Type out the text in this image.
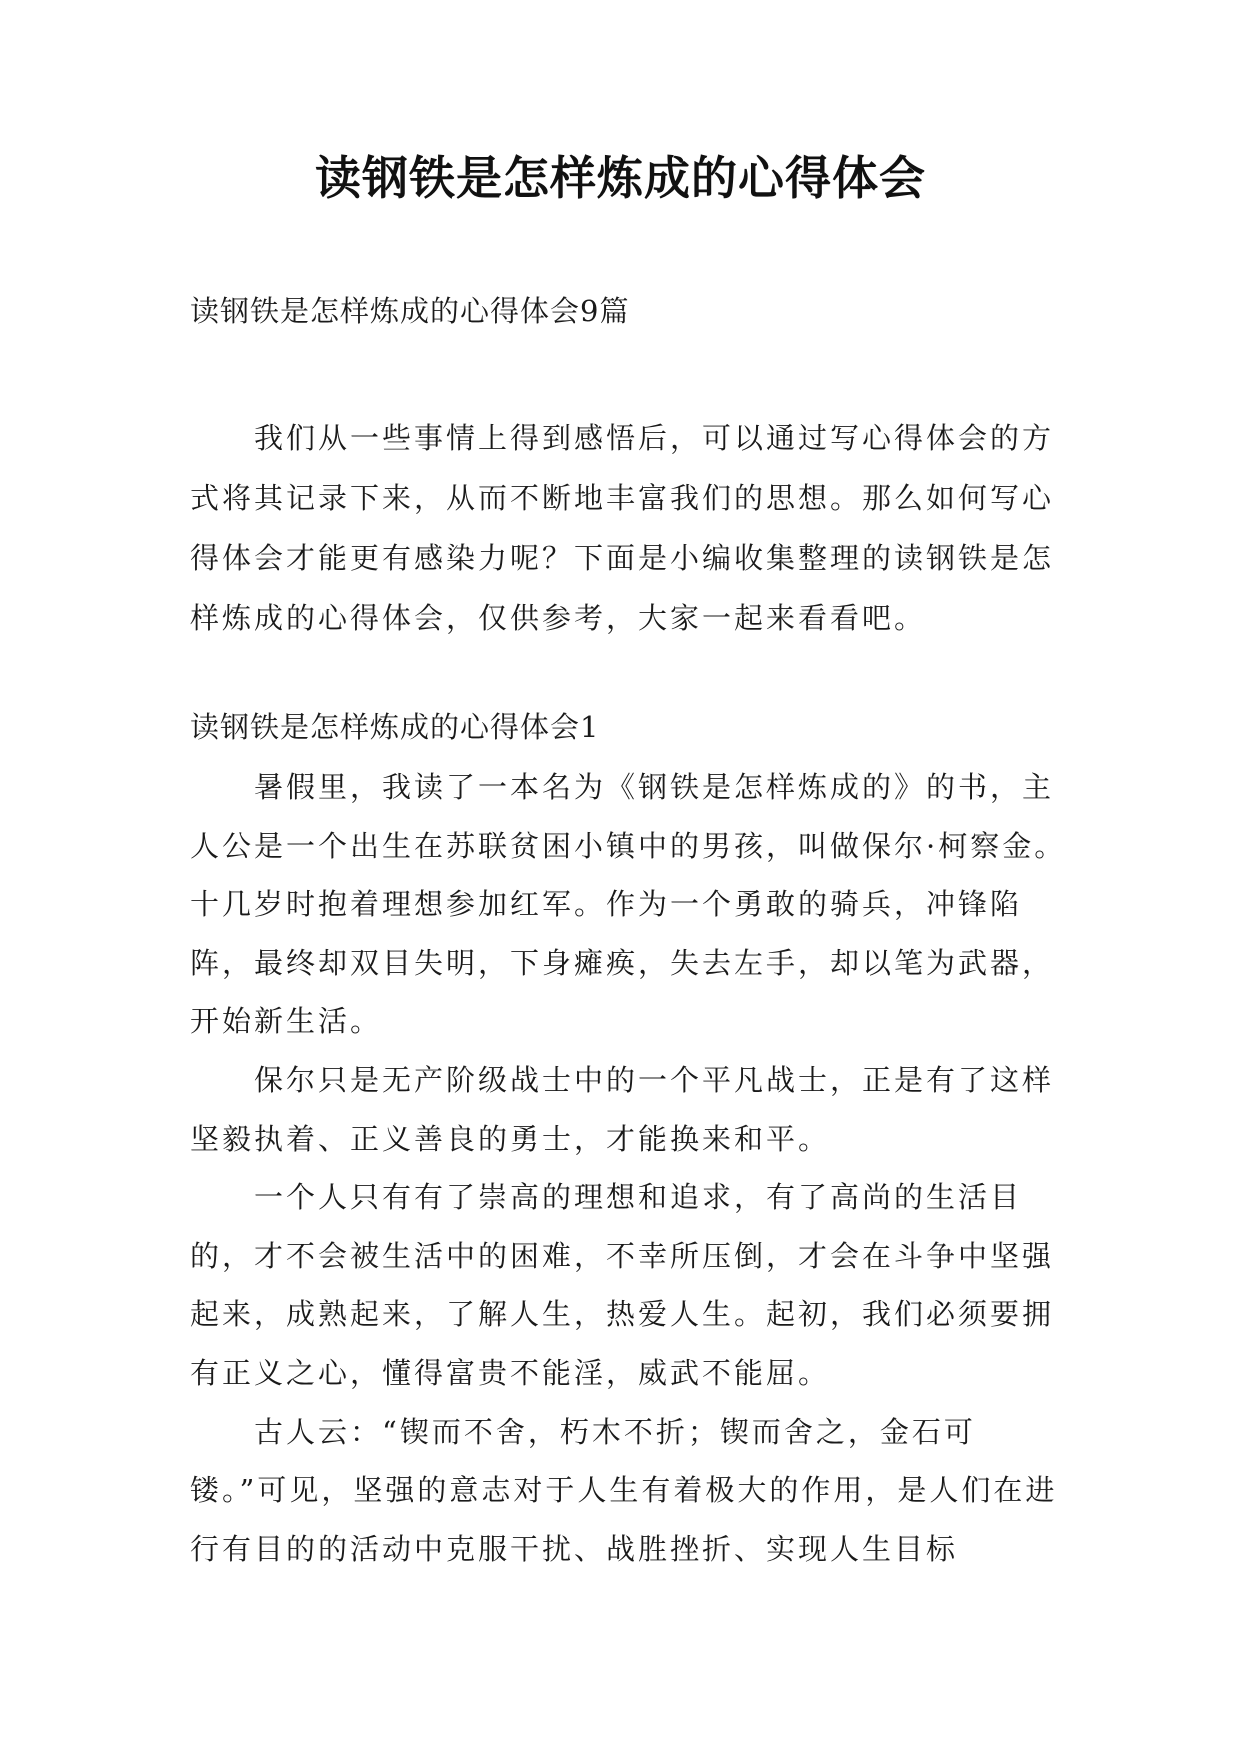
读钢铁是怎样炼成的心得体会
读钢铁是怎样炼成的心得体会9篇
我们从一些事情上得到感悟后，可以通过写心得体会的方式将其记录下来，从而不断地丰富我们的思想。那么如何写心得体会才能更有感染力呢？下面是小编收集整理的读钢铁是怎样炼成的心得体会，仅供参考，大家一起来看看吧。
读钢铁是怎样炼成的心得体会1

暑假里，我读了一本名为《钢铁是怎样炼成的》的书，主人公是一个出生在苏联贫困小镇中的男孩，叫做保尔·柯察金。十几岁时抱着理想参加红军。作为一个勇敢的骑兵，冲锋陷阵，最终却双目失明，下身瘫痪，失去左手，却以笔为武器，开始新生活。

保尔只是无产阶级战士中的一个平凡战士，正是有了这样坚毅执着、正义善良的勇士，才能换来和平。

一个人只有有了崇高的理想和追求，有了高尚的生活目的，才不会被生活中的困难，不幸所压倒，才会在斗争中坚强起来，成熟起来，了解人生，热爱人生。起初，我们必须要拥有正义之心，懂得富贵不能淫，威武不能屈。

古人云：“锲而不舍，朽木不折；锲而舍之，金石可镂。”可见，坚强的意志对于人生有着极大的作用，是人们在进行有目的的活动中克服干扰、战胜挫折、实现人生目标
